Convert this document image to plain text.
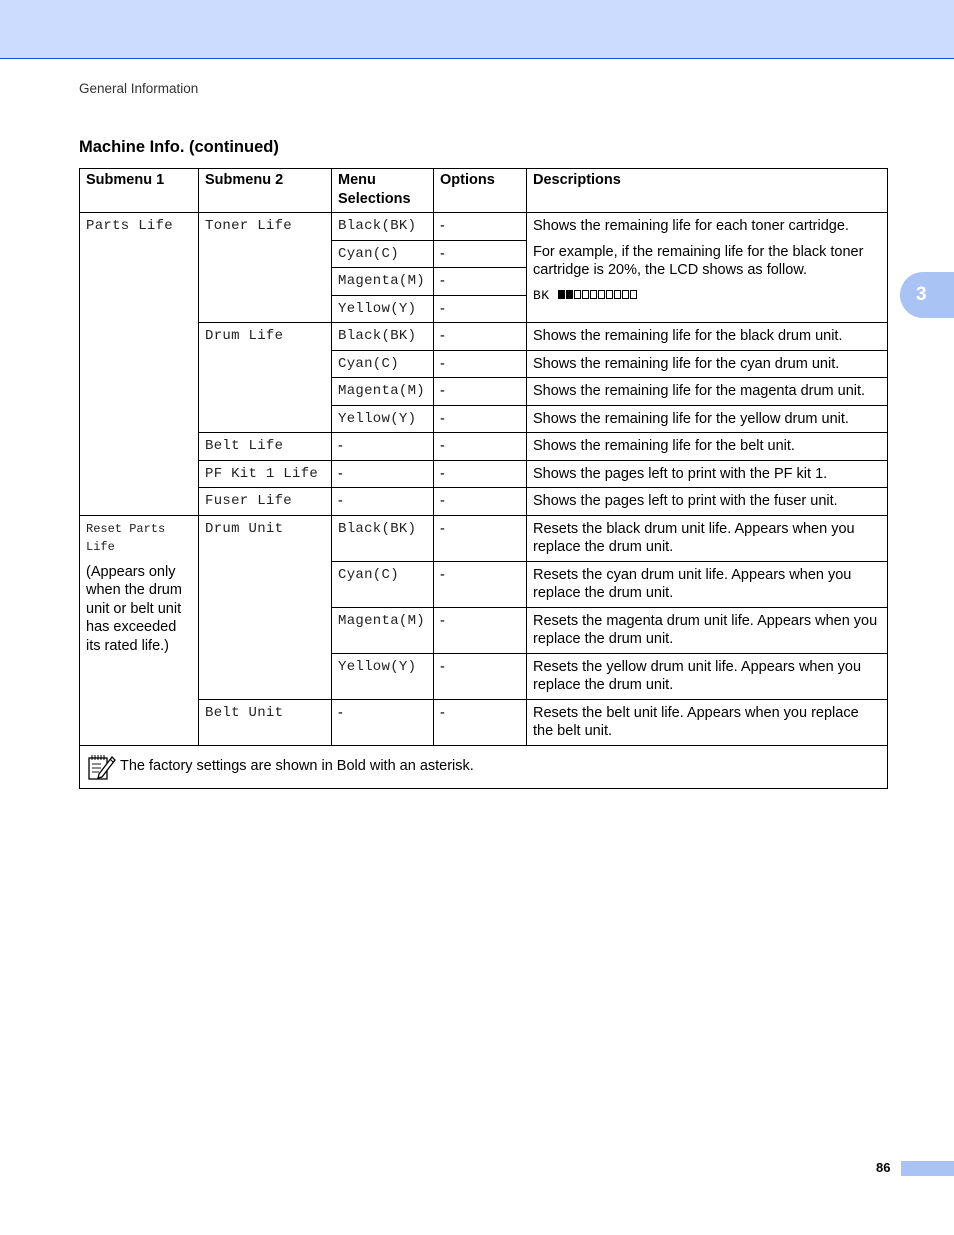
General Information
Machine Info. (continued)
3
Submenu 1	Submenu 2	Menu Selections	Options	Descriptions
Parts Life	Toner Life	Black(BK)	-	Shows the remaining life for each toner cartridge.

For example, if the remaining life for the black toner cartridge is 20%, the LCD shows as follow.

BK

		Cyan(C)	-	
		Magenta(M)	-	
		Yellow(Y)	-	
	Drum Life	Black(BK)	-	Shows the remaining life for the black drum unit.
		Cyan(C)	-	Shows the remaining life for the cyan drum unit.
		Magenta(M)	-	Shows the remaining life for the magenta drum unit.
		Yellow(Y)	-	Shows the remaining life for the yellow drum unit.
	Belt Life	-	-	Shows the remaining life for the belt unit.
	PF Kit 1 Life	-	-	Shows the pages left to print with the PF kit 1.
	Fuser Life	-	-	Shows the pages left to print with the fuser unit.

Reset Parts Life
(Appears only when the drum unit or belt unit has exceeded its rated life.)	Drum Unit	Black(BK)	-	Resets the black drum unit life. Appears when you replace the drum unit.
		Cyan(C)	-	Resets the cyan drum unit life. Appears when you replace the drum unit.
		Magenta(M)	-	Resets the magenta drum unit life. Appears when you replace the drum unit.
		Yellow(Y)	-	Resets the yellow drum unit life. Appears when you replace the drum unit.
	Belt Unit	-	-	Resets the belt unit life. Appears when you replace the belt unit.

The factory settings are shown in Bold with an asterisk.				
86
